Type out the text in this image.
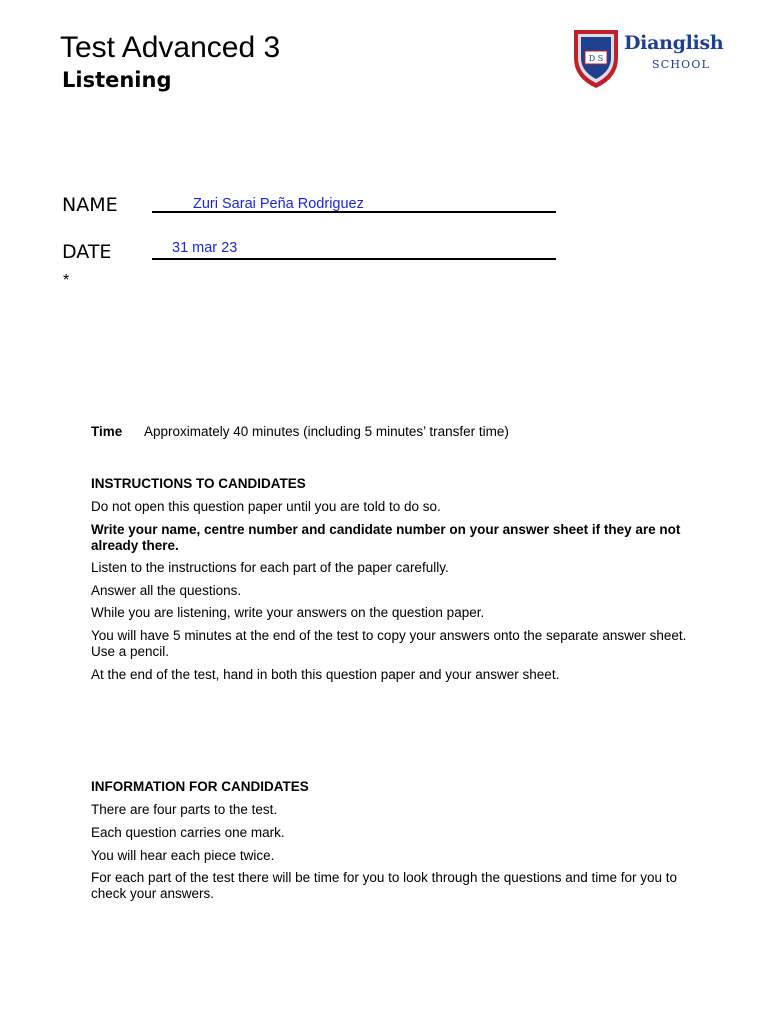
Test Advanced 3
Listening
D S
Dianglish
SCHOOL
NAME	Zuri Sarai Peña Rodriguez
DATE	31 mar 23
*
Time Approximately 40 minutes (including 5 minutes’ transfer time)
INSTRUCTIONS TO CANDIDATES
Do not open this question paper until you are told to do so.
Write your name, centre number and candidate number on your answer sheet if they are not already there.
Listen to the instructions for each part of the paper carefully.
Answer all the questions.
While you are listening, write your answers on the question paper.
You will have 5 minutes at the end of the test to copy your answers onto the separate answer sheet. Use a pencil.
At the end of the test, hand in both this question paper and your answer sheet.
INFORMATION FOR CANDIDATES
There are four parts to the test.
Each question carries one mark.
You will hear each piece twice.
For each part of the test there will be time for you to look through the questions and time for you to check your answers.
